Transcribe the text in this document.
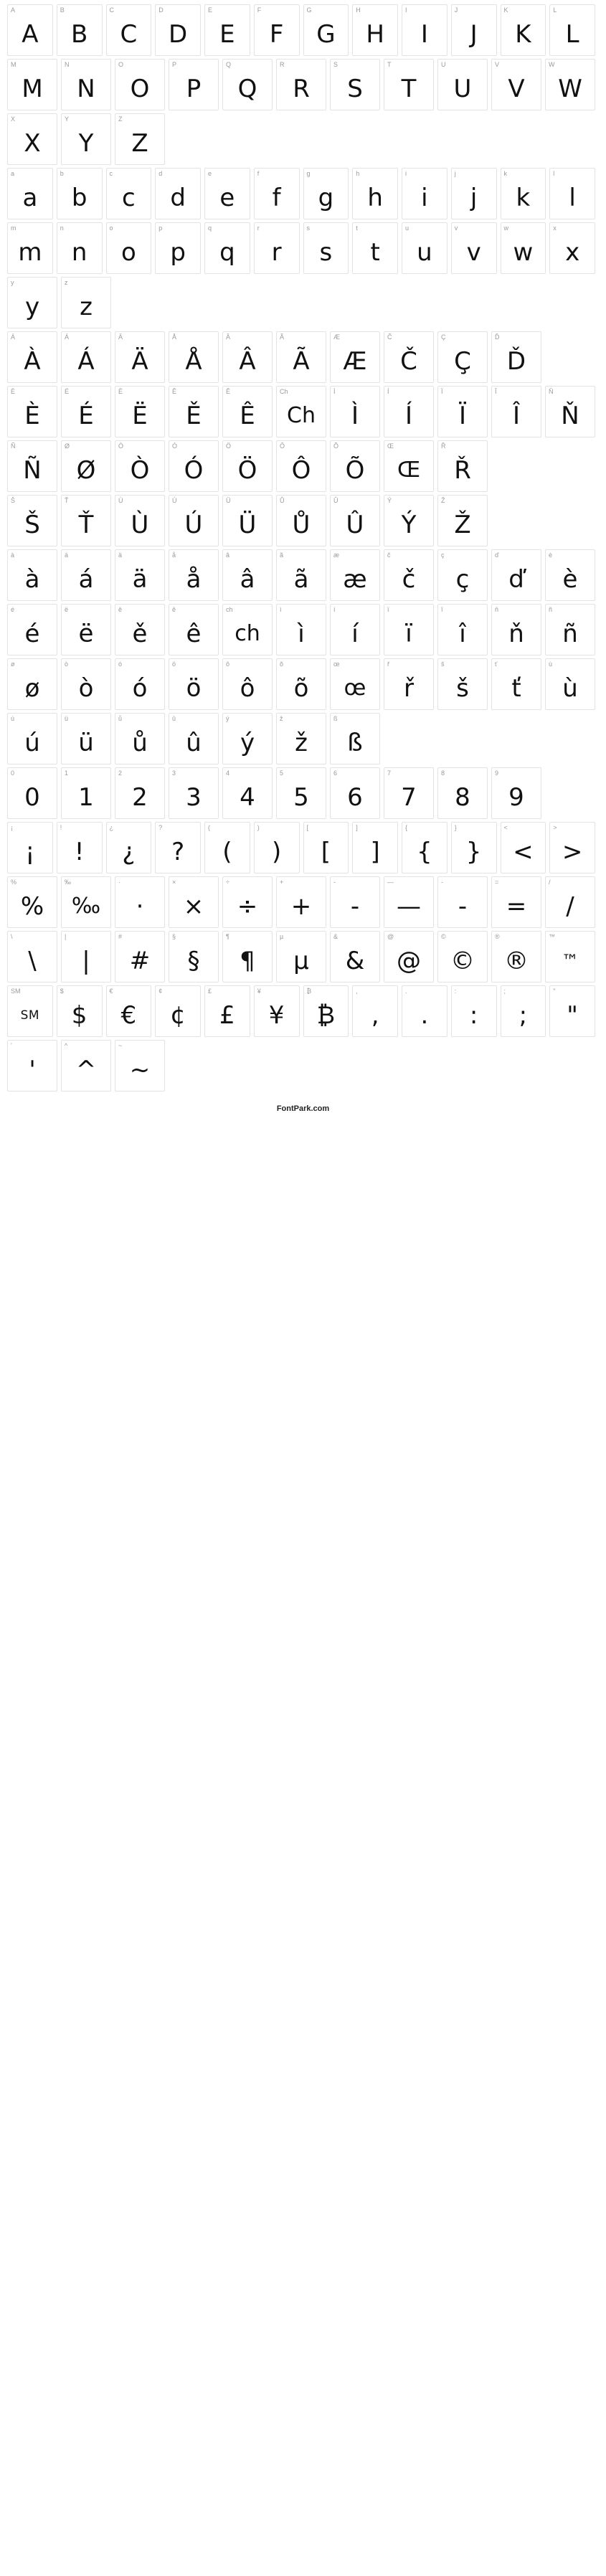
A
A
B
B
C
C
D
D
E
E
F
F
G
G
H
H
I
I
J
J
K
K
L
L
M
M
N
N
O
O
P
P
Q
Q
R
R
S
S
T
T
U
U
V
V
W
W
X
X
Y
Y
Z
Z
a
a
b
b
c
c
d
d
e
e
f
f
g
g
h
h
i
i
j
j
k
k
l
l
m
m
n
n
o
o
p
p
q
q
r
r
s
s
t
t
u
u
v
v
w
w
x
x
y
y
z
z
À
À
Á
Á
Ä
Ä
Å
Å
Â
Â
Ã
Ã
Æ
Æ
Č
Č
Ç
Ç
Ď
Ď
È
È
É
É
Ë
Ë
Ě
Ě
Ê
Ê
Ch
Ch
Ì
Ì
Í
Í
Ï
Ï
Î
Î
Ň
Ň
Ñ
Ñ
Ø
Ø
Ò
Ò
Ó
Ó
Ö
Ö
Ô
Ô
Õ
Õ
Œ
Œ
Ř
Ř
Š
Š
Ť
Ť
Ù
Ù
Ú
Ú
Ü
Ü
Ů
Ů
Û
Û
Ý
Ý
Ž
Ž
à
à
á
á
ä
ä
å
å
â
â
ã
ã
æ
æ
č
č
ç
ç
ď
ď
è
è
é
é
ë
ë
ě
ě
ê
ê
ch
ch
ì
ì
í
í
ï
ï
î
î
ň
ň
ñ
ñ
ø
ø
ò
ò
ó
ó
ö
ö
ô
ô
õ
õ
œ
œ
ř
ř
š
š
ť
ť
ù
ù
ú
ú
ü
ü
ů
ů
û
û
ý
ý
ž
ž
ß
ß
0
0
1
1
2
2
3
3
4
4
5
5
6
6
7
7
8
8
9
9
¡
¡
!
!
¿
¿
?
?
(
(
)
)
[
[
]
]
{
{
}
}
<
<
>
>
%
%
‰
‰
·
·
×
×
÷
÷
+
+
-
-
—
—
-
-
=
=
/
/
\
\
|
|
#
#
§
§
¶
¶
µ
µ
&
&
@
@
©
©
®
®
™
™
SM
SM
$
$
€
€
¢
¢
£
£
¥
¥
₿
₿
,
,
.
.
:
:
;
;
"
"
'
'
^
^
~
~
FontPark.com
